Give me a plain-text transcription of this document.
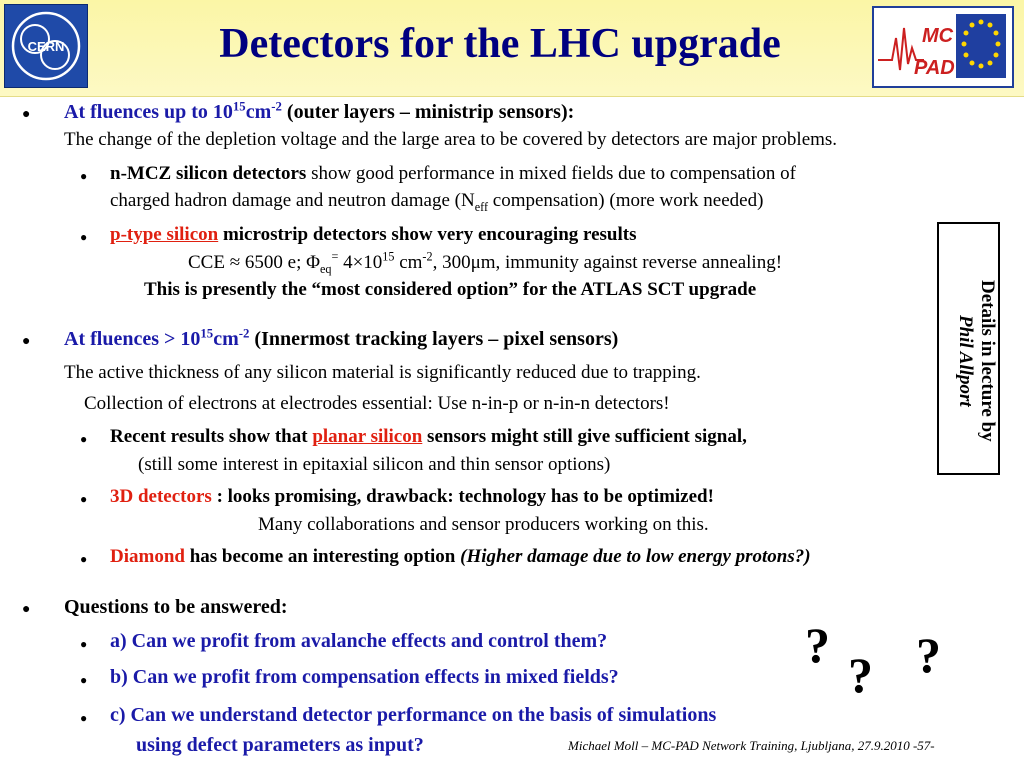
CERN	Detectors for the LHC upgrade	MC
PAD
● At fluences up to $10^{15}cm^{-2}$ (outer layers – ministrip sensors):
The change of the depletion voltage and the large area to be covered by detectors are major problems.
● n-MCZ silicon detectors show good performance in mixed fields due to compensation of
charged hadron damage and neutron damage ($N_{eff}$ compensation) (more work needed)
● p-type silicon microstrip detectors show very encouraging results
CCE ≈ 6500 e; $\Phi_{eq}^=$ $4\times 10^{15}$ $cm^{-2}$, 300μm, immunity against reverse annealing!
This is presently the “most considered option” for the ATLAS SCT upgrade
● At fluences > $10^{15}cm^{-2}$ (Innermost tracking layers – pixel sensors)
The active thickness of any silicon material is significantly reduced due to trapping.
Collection of electrons at electrodes essential: Use n-in-p or n-in-n detectors!
● Recent results show that planar silicon sensors might still give sufficient signal,
(still some interest in epitaxial silicon and thin sensor options)
● 3D detectors : looks promising, drawback: technology has to be optimized!
Many collaborations and sensor producers working on this.
● Diamond has become an interesting option (Higher damage due to low energy protons?)
● Questions to be answered:
● a) Can we profit from avalanche effects and control them?
● b) Can we profit from compensation effects in mixed fields?
● c) Can we understand detector performance on the basis of simulations
using defect parameters as input?
Details in lecture by
Phil Allport
?
? ?
Michael Moll – MC-PAD Network Training, Ljubljana, 27.9.2010 -57-
